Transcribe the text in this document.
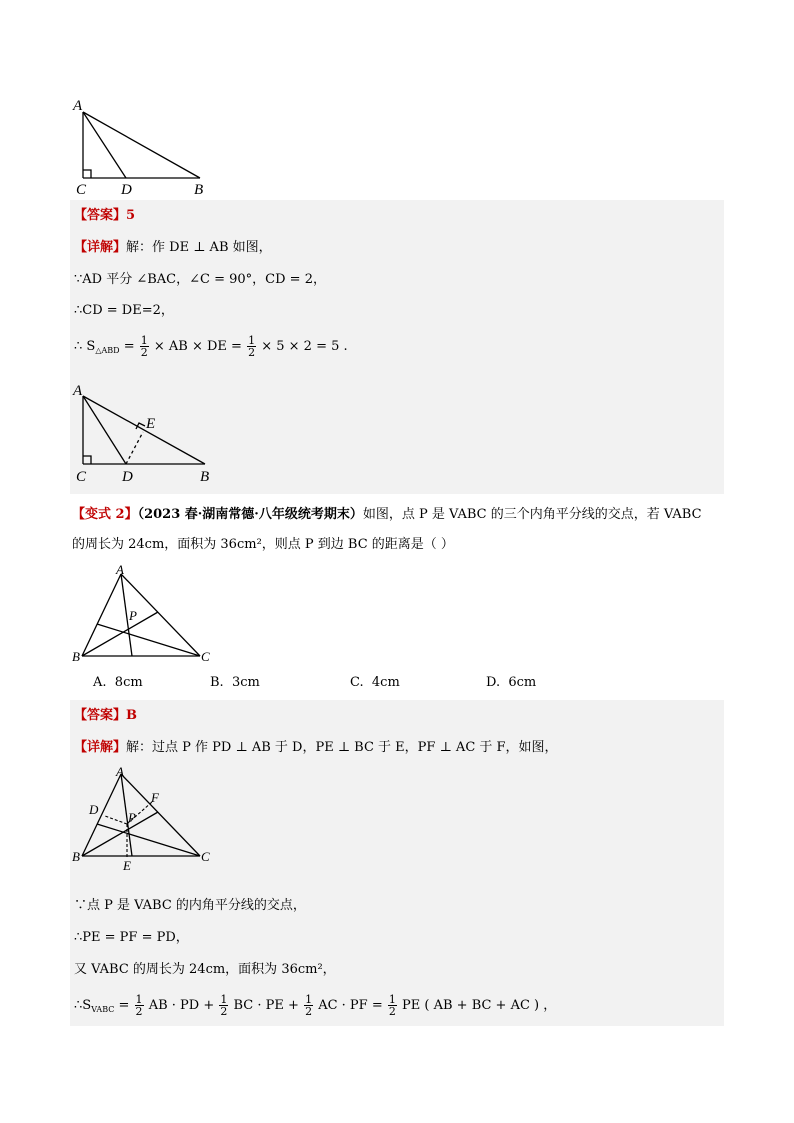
A
C D	B
【答案】5
【详解】解：作 DE ⊥ AB 如图，
∵AD 平分 ∠BAC，∠C = 90°，CD = 2，
∴CD = DE=2，
∴ $S_{\triangle ABD} = \frac{1}{2}$ × AB × DE = $\frac{1}{2} \times 5 \times 2 = 5$ .
A
E
C D	B
【变式 2】（2023 春·湖南常德·八年级统考期末）如图，点 P 是 VABC 的三个内角平分线的交点，若 VABC
的周长为 24cm，面积为 36cm²，则点 P 到边 BC 的距离是（ ）
A
P
B	C
A. 8cm	B. 3cm	C. 4cm	D. 6cm
【答案】B
【详解】解：过点 P 作 PD ⊥ AB 于 D，PE ⊥ BC 于 E，PF ⊥ AC 于 F，如图，
A
D
F
P
B
E
C
∵点 P 是 VABC 的内角平分线的交点，
∴PE = PF = PD，
又 VABC 的周长为 24cm，面积为 36cm²，
$\therefore S_{VABC} = \frac{1}{2}$ AB · PD + $\frac{1}{2}$ BC · PE + $\frac{1}{2}$ AC · PF = $\frac{1}{2}$ PE ( AB + BC + AC ) ，
